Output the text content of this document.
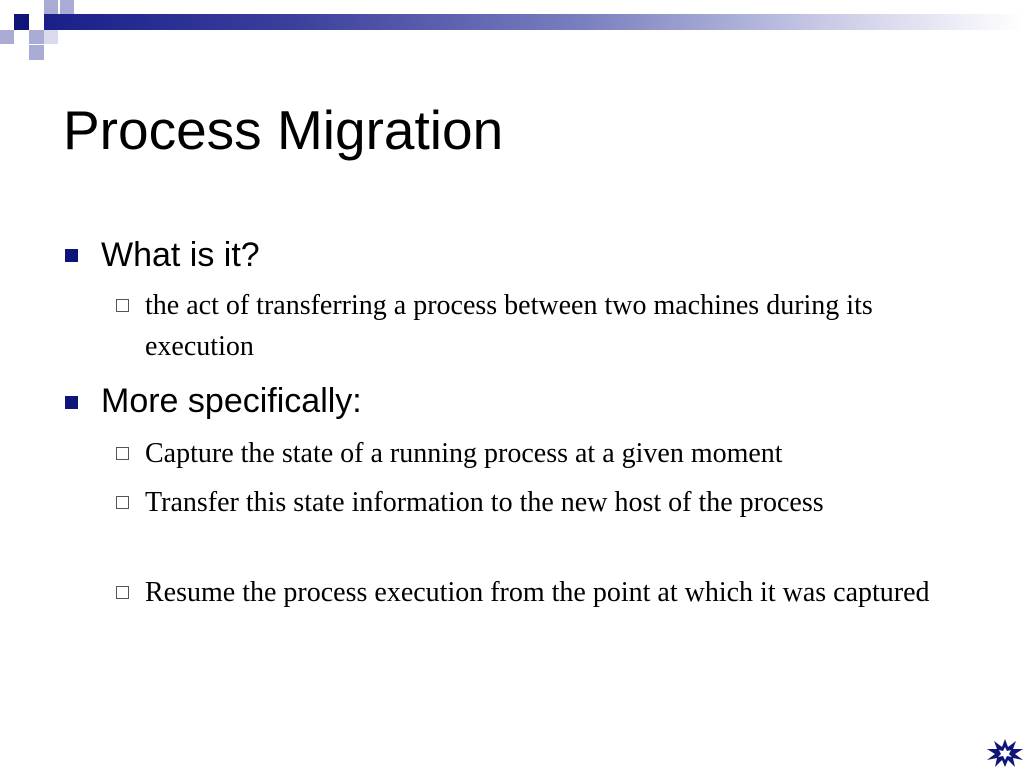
Process Migration
What is it?
the act of transferring a process between two machines during its execution
More specifically:
Capture the state of a running process at a given moment
Transfer this state information to the new host of the process
Resume the process execution from the point at which it was captured
